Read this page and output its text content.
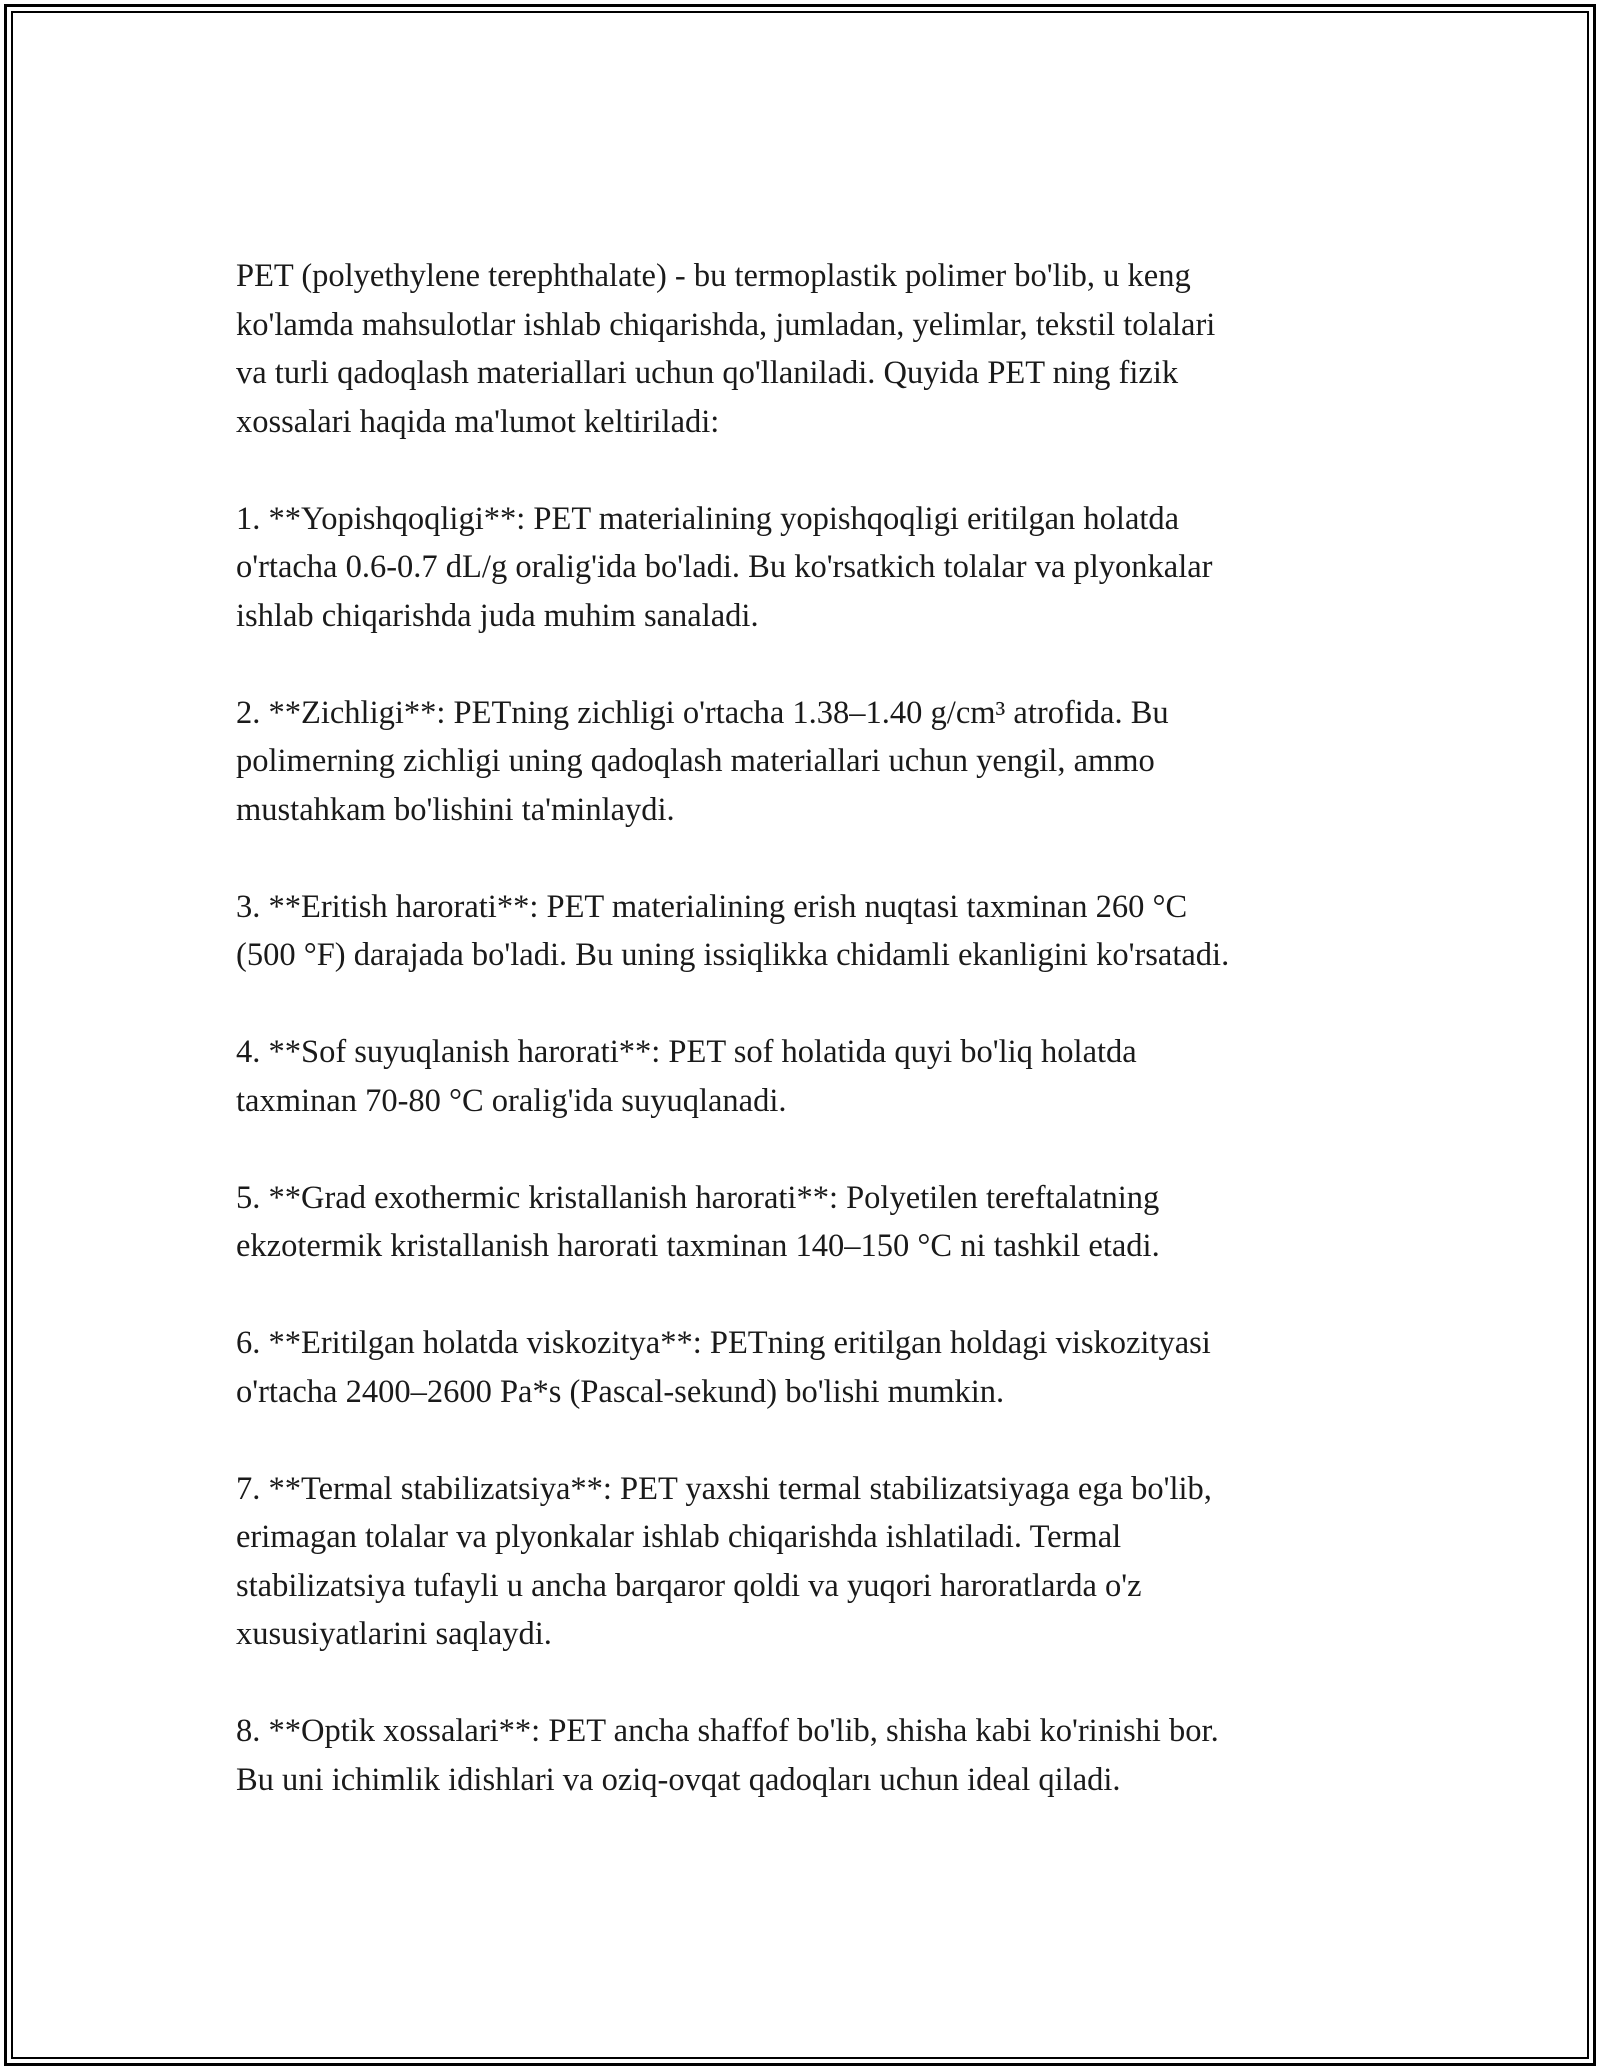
PET (polyethylene terephthalate) - bu termoplastik polimer bo'lib, u keng
ko'lamda mahsulotlar ishlab chiqarishda, jumladan, yelimlar, tekstil tolalari
va turli qadoqlash materiallari uchun qo'llaniladi. Quyida PET ning fizik
xossalari haqida ma'lumot keltiriladi:

1. **Yopishqoqligi**: PET materialining yopishqoqligi eritilgan holatda
o'rtacha 0.6-0.7 dL/g oralig'ida bo'ladi. Bu ko'rsatkich tolalar va plyonkalar
ishlab chiqarishda juda muhim sanaladi.

2. **Zichligi**: PETning zichligi o'rtacha 1.38–1.40 g/cm³ atrofida. Bu
polimerning zichligi uning qadoqlash materiallari uchun yengil, ammo
mustahkam bo'lishini ta'minlaydi.

3. **Eritish harorati**: PET materialining erish nuqtasi taxminan 260 °C
(500 °F) darajada bo'ladi. Bu uning issiqlikka chidamli ekanligini ko'rsatadi.

4. **Sof suyuqlanish harorati**: PET sof holatida quyi bo'liq holatda
taxminan 70-80 °C oralig'ida suyuqlanadi.

5. **Grad exothermic kristallanish harorati**: Polyetilen tereftalatning
ekzotermik kristallanish harorati taxminan 140–150 °C ni tashkil etadi.

6. **Eritilgan holatda viskozitya**: PETning eritilgan holdagi viskozityasi
o'rtacha 2400–2600 Pa*s (Pascal-sekund) bo'lishi mumkin.

7. **Termal stabilizatsiya**: PET yaxshi termal stabilizatsiyaga ega bo'lib,
erimagan tolalar va plyonkalar ishlab chiqarishda ishlatiladi. Termal
stabilizatsiya tufayli u ancha barqaror qoldi va yuqori haroratlarda o'z
xususiyatlarini saqlaydi.

8. **Optik xossalari**: PET ancha shaffof bo'lib, shisha kabi ko'rinishi bor.
Bu uni ichimlik idishlari va oziq-ovqat qadoqları uchun ideal qiladi.
